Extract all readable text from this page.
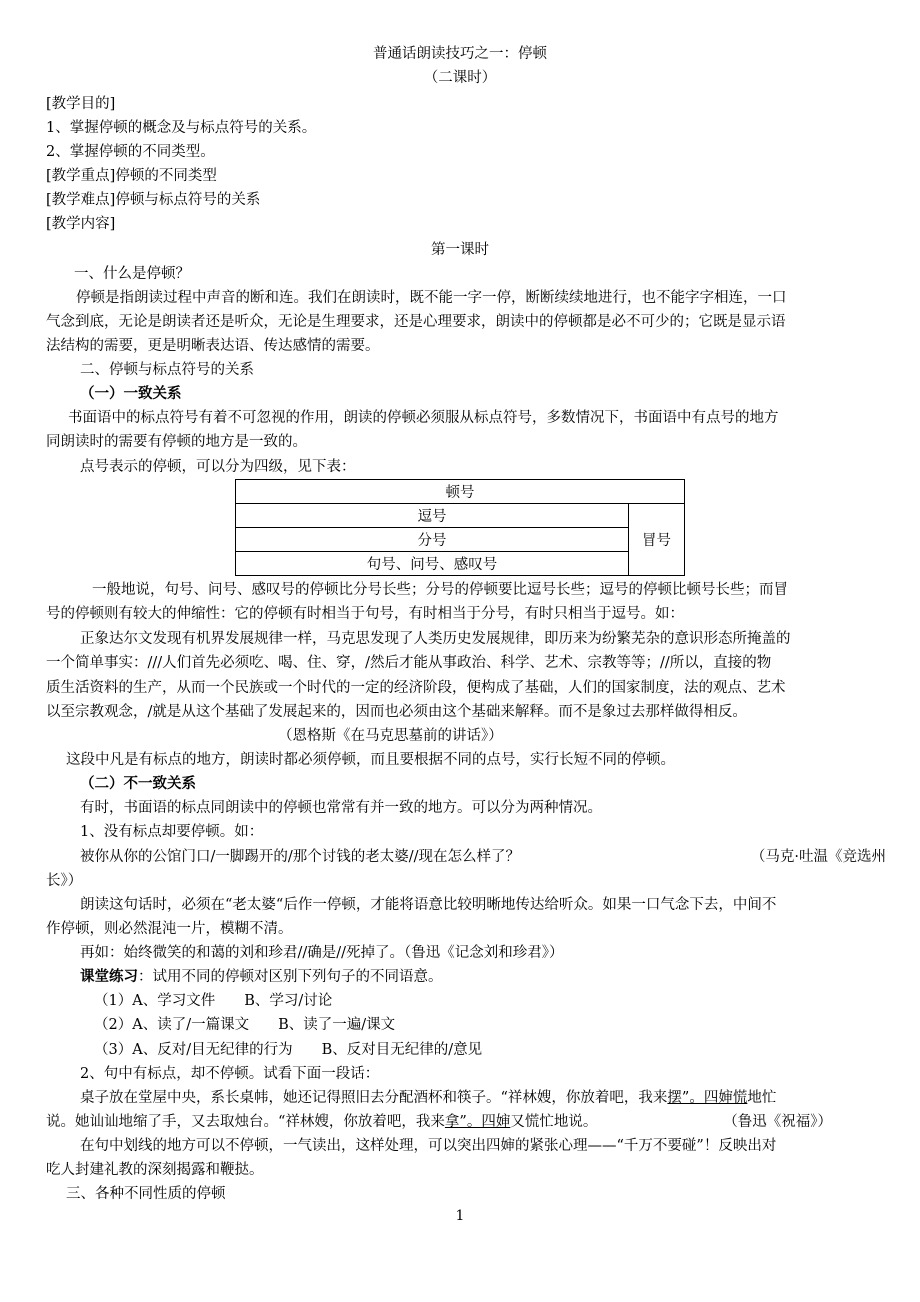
普通话朗读技巧之一：停顿
（二课时）
[教学目的]
1、掌握停顿的概念及与标点符号的关系。
2、掌握停顿的不同类型。
[教学重点]停顿的不同类型
[教学难点]停顿与标点符号的关系
[教学内容]
第一课时
一、什么是停顿？
停顿是指朗读过程中声音的断和连。我们在朗读时，既不能一字一停，断断续续地进行，也不能字字相连，一口
气念到底，无论是朗读者还是听众，无论是生理要求，还是心理要求，朗读中的停顿都是必不可少的；它既是显示语
法结构的需要，更是明晰表达语、传达感情的需要。
二、停顿与标点符号的关系
（一）一致关系
书面语中的标点符号有着不可忽视的作用，朗读的停顿必须服从标点符号，多数情况下，书面语中有点号的地方
同朗读时的需要有停顿的地方是一致的。
点号表示的停顿，可以分为四级，见下表：
顿号
逗号	冒号
分号
句号、问号、感叹号
一般地说，句号、问号、感叹号的停顿比分号长些；分号的停顿要比逗号长些；逗号的停顿比顿号长些；而冒
号的停顿则有较大的伸缩性：它的停顿有时相当于句号，有时相当于分号，有时只相当于逗号。如：
正象达尔文发现有机界发展规律一样，马克思发现了人类历史发展规律，即历来为纷繁芜杂的意识形态所掩盖的
一个简单事实：///人们首先必须吃、喝、住、穿，/然后才能从事政治、科学、艺术、宗教等等；//所以，直接的物
质生活资料的生产，从而一个民族或一个时代的一定的经济阶段，便构成了基础，人们的国家制度，法的观点、艺术
以至宗教观念，/就是从这个基础了发展起来的，因而也必须由这个基础来解释。而不是象过去那样做得相反。
（恩格斯《在马克思墓前的讲话》）
这段中凡是有标点的地方，朗读时都必须停顿，而且要根据不同的点号，实行长短不同的停顿。
（二）不一致关系
有时，书面语的标点同朗读中的停顿也常常有并一致的地方。可以分为两种情况。
1、没有标点却要停顿。如：
被你从你的公馆门口/一脚踢开的/那个讨钱的老太婆//现在怎么样了？	（马克·吐温《竞选州
长》）
朗读这句话时，必须在“老太婆“后作一停顿，才能将语意比较明晰地传达给听众。如果一口气念下去，中间不
作停顿，则必然混沌一片，模糊不清。
再如：始终微笑的和蔼的刘和珍君//确是//死掉了。（鲁迅《记念刘和珍君》）
课堂练习：试用不同的停顿对区别下列句子的不同语意。
（1）A、学习文件　　B、学习/讨论
（2）A、读了/一篇课文　　B、读了一遍/课文
（3）A、反对/目无纪律的行为　　B、反对目无纪律的/意见
2、句中有标点，却不停顿。试看下面一段话：
桌子放在堂屋中央，系长桌帏，她还记得照旧去分配酒杯和筷子。“祥林嫂，你放着吧，我来摆”。四婶慌地忙
说。她讪讪地缩了手，又去取烛台。“祥林嫂，你放着吧，我来拿”。四婶又慌忙地说。	（鲁迅《祝福》）
在句中划线的地方可以不停顿，一气读出，这样处理，可以突出四婶的紧张心理——“千万不要碰”！反映出对
吃人封建礼教的深刻揭露和鞭挞。
三、各种不同性质的停顿
1
